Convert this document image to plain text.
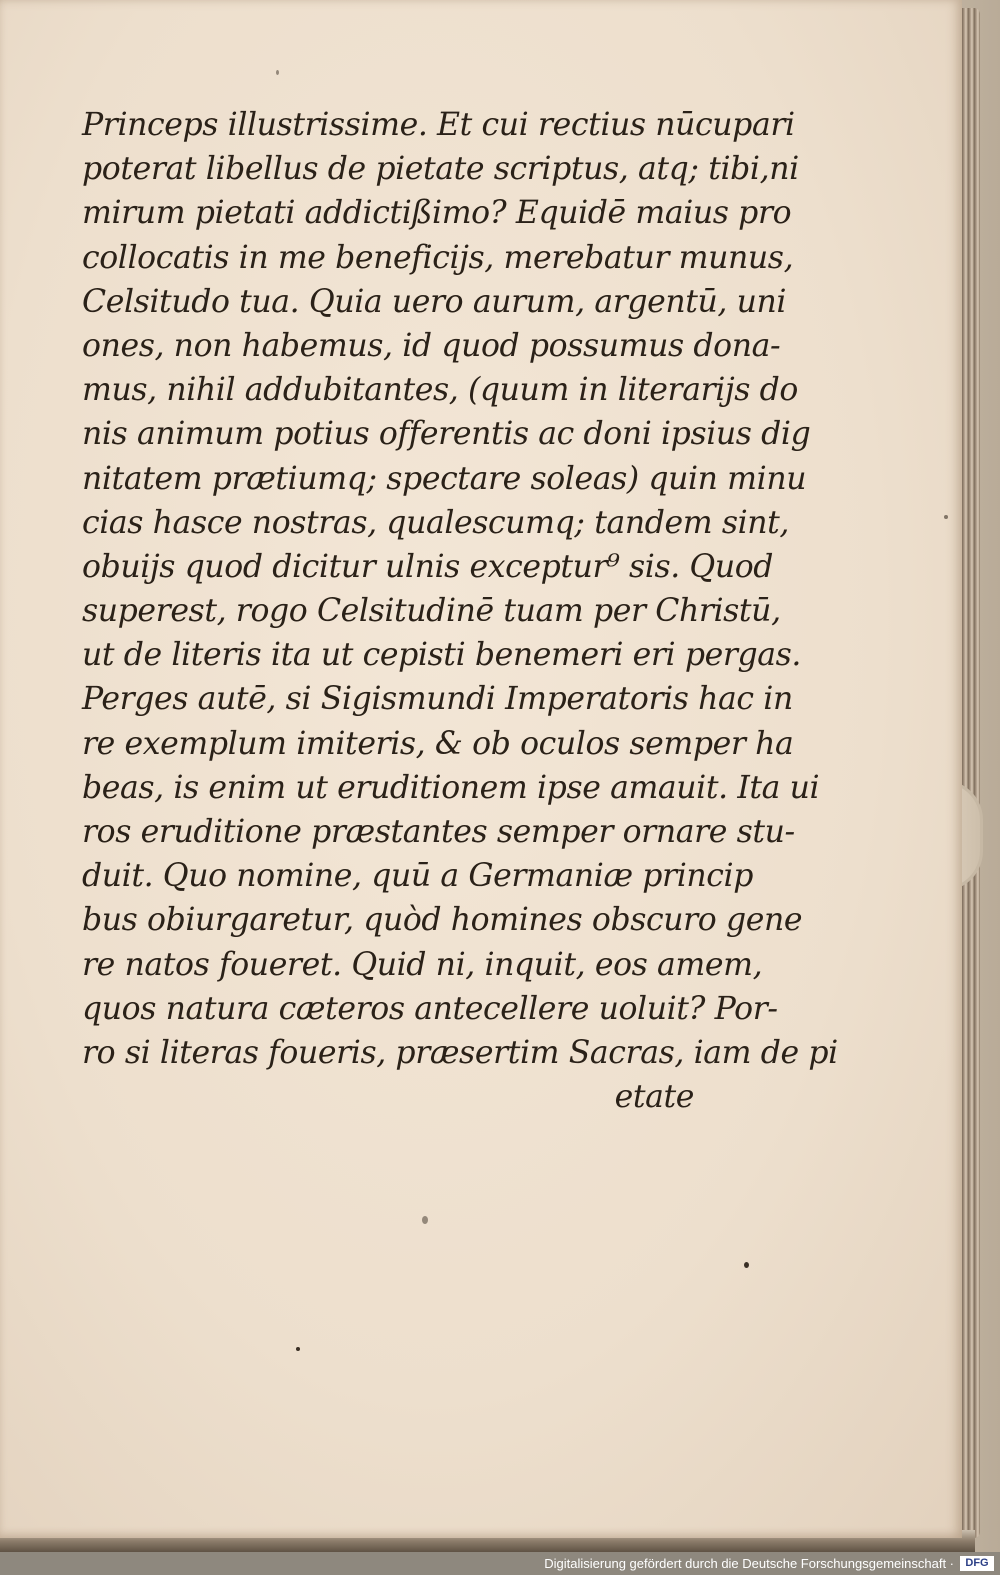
Princeps illustrissime. Et cui rectius nūcupari
poterat libellus de pietate scriptus, atq; tibi,ni
mirum pietati addictißimo? Equidē maius pro
collocatis in me beneficijs, merebatur munus,
Celsitudo tua. Quia uero aurum, argentū, uni
ones, non habemus, id quod possumus dona-
mus, nihil addubitantes, (quum in literarijs do
nis animum potius offerentis ac doni ipsius dig
nitatem prætiumq; spectare soleas) quin minu
cias hasce nostras, qualescumq; tandem sint,
obuijs quod dicitur ulnis exceptur⁹ sis. Quod
superest, rogo Celsitudinē tuam per Christū,
ut de literis ita ut cepisti benemeri eri pergas.
Perges autē, si Sigismundi Imperatoris hac in
re exemplum imiteris, & ob oculos semper ha
beas, is enim ut eruditionem ipse amauit. Ita ui
ros eruditione præstantes semper ornare stu-
duit. Quo nomine, quū a Germaniæ princip
bus obiurgaretur, quòd homines obscuro gene
re natos foueret. Quid ni, inquit, eos amem,
quos natura cæteros antecellere uoluit? Por-
ro si literas foueris, præsertim Sacras, iam de pi
etate
Digitalisierung gefördert durch die Deutsche Forschungsgemeinschaft ·	DFG
